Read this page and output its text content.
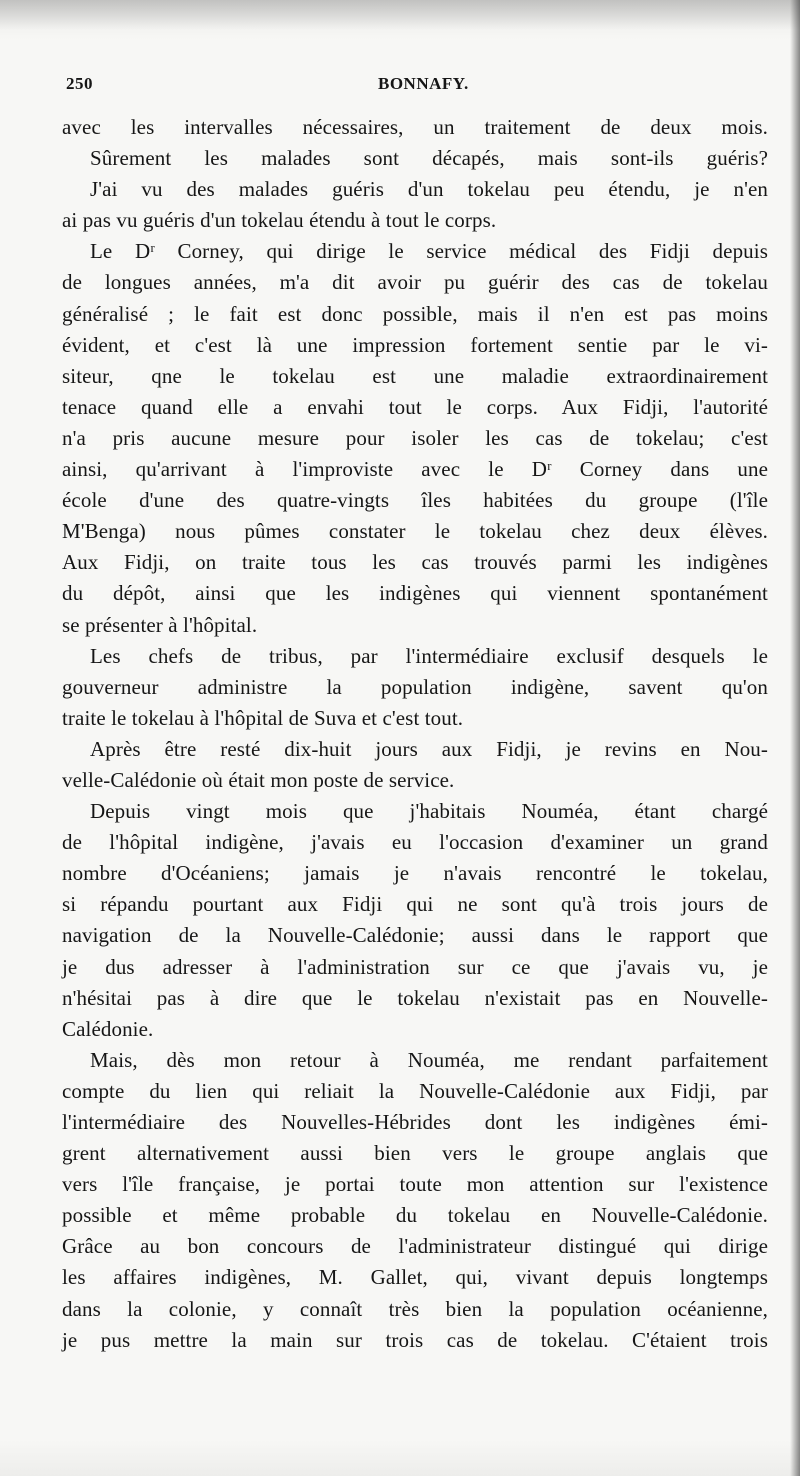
250	BONNAFY.
avec les intervalles nécessaires, un traitement de deux mois.
Sûrement les malades sont décapés, mais sont-ils guéris?
J'ai vu des malades guéris d'un tokelau peu étendu, je n'en
ai pas vu guéris d'un tokelau étendu à tout le corps.
Le Dʳ Corney, qui dirige le service médical des Fidji depuis
de longues années, m'a dit avoir pu guérir des cas de tokelau
généralisé ; le fait est donc possible, mais il n'en est pas moins
évident, et c'est là une impression fortement sentie par le vi-
siteur, qne le tokelau est une maladie extraordinairement
tenace quand elle a envahi tout le corps. Aux Fidji, l'autorité
n'a pris aucune mesure pour isoler les cas de tokelau; c'est
ainsi, qu'arrivant à l'improviste avec le Dʳ Corney dans une
école d'une des quatre-vingts îles habitées du groupe (l'île
M'Benga) nous pûmes constater le tokelau chez deux élèves.
Aux Fidji, on traite tous les cas trouvés parmi les indigènes
du dépôt, ainsi que les indigènes qui viennent spontanément
se présenter à l'hôpital.
Les chefs de tribus, par l'intermédiaire exclusif desquels le
gouverneur administre la population indigène, savent qu'on
traite le tokelau à l'hôpital de Suva et c'est tout.
Après être resté dix-huit jours aux Fidji, je revins en Nou-
velle-Calédonie où était mon poste de service.
Depuis vingt mois que j'habitais Nouméa, étant chargé
de l'hôpital indigène, j'avais eu l'occasion d'examiner un grand
nombre d'Océaniens; jamais je n'avais rencontré le tokelau,
si répandu pourtant aux Fidji qui ne sont qu'à trois jours de
navigation de la Nouvelle-Calédonie; aussi dans le rapport que
je dus adresser à l'administration sur ce que j'avais vu, je
n'hésitai pas à dire que le tokelau n'existait pas en Nouvelle-
Calédonie.
Mais, dès mon retour à Nouméa, me rendant parfaitement
compte du lien qui reliait la Nouvelle-Calédonie aux Fidji, par
l'intermédiaire des Nouvelles-Hébrides dont les indigènes émi-
grent alternativement aussi bien vers le groupe anglais que
vers l'île française, je portai toute mon attention sur l'existence
possible et même probable du tokelau en Nouvelle-Calédonie.
Grâce au bon concours de l'administrateur distingué qui dirige
les affaires indigènes, M. Gallet, qui, vivant depuis longtemps
dans la colonie, y connaît très bien la population océanienne,
je pus mettre la main sur trois cas de tokelau. C'étaient trois
